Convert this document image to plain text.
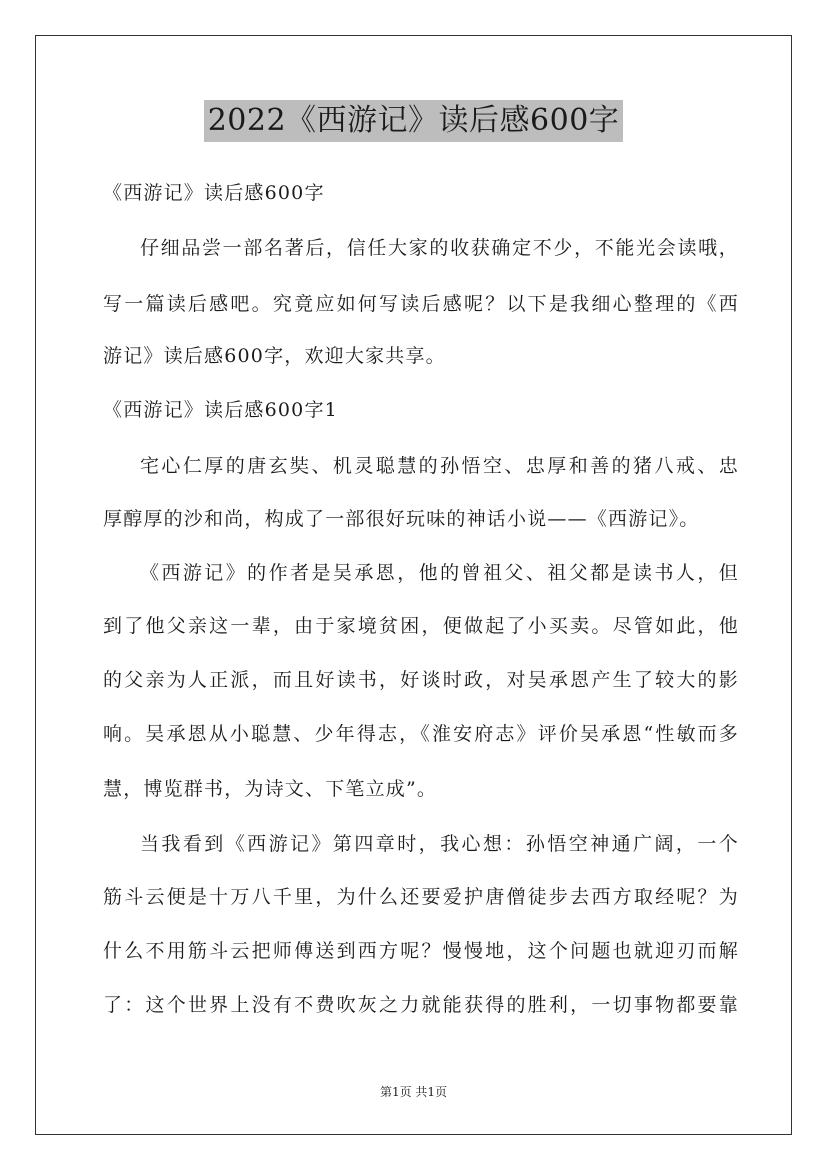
2022《西游记》读后感600字
《西游记》读后感600字
仔细品尝一部名著后，信任大家的收获确定不少，不能光会读哦，
写一篇读后感吧。究竟应如何写读后感呢？以下是我细心整理的《西
游记》读后感600字，欢迎大家共享。
《西游记》读后感600字1
宅心仁厚的唐玄奘、机灵聪慧的孙悟空、忠厚和善的猪八戒、忠
厚醇厚的沙和尚，构成了一部很好玩味的神话小说——《西游记》。
《西游记》的作者是吴承恩，他的曾祖父、祖父都是读书人，但
到了他父亲这一辈，由于家境贫困，便做起了小买卖。尽管如此，他
的父亲为人正派，而且好读书，好谈时政，对吴承恩产生了较大的影
响。吴承恩从小聪慧、少年得志，《淮安府志》评价吴承恩“性敏而多
慧，博览群书，为诗文、下笔立成”。
当我看到《西游记》第四章时，我心想：孙悟空神通广阔，一个
筋斗云便是十万八千里，为什么还要爱护唐僧徒步去西方取经呢？为
什么不用筋斗云把师傅送到西方呢？慢慢地，这个问题也就迎刃而解
了：这个世界上没有不费吹灰之力就能获得的胜利，一切事物都要靠
第1页 共1页
